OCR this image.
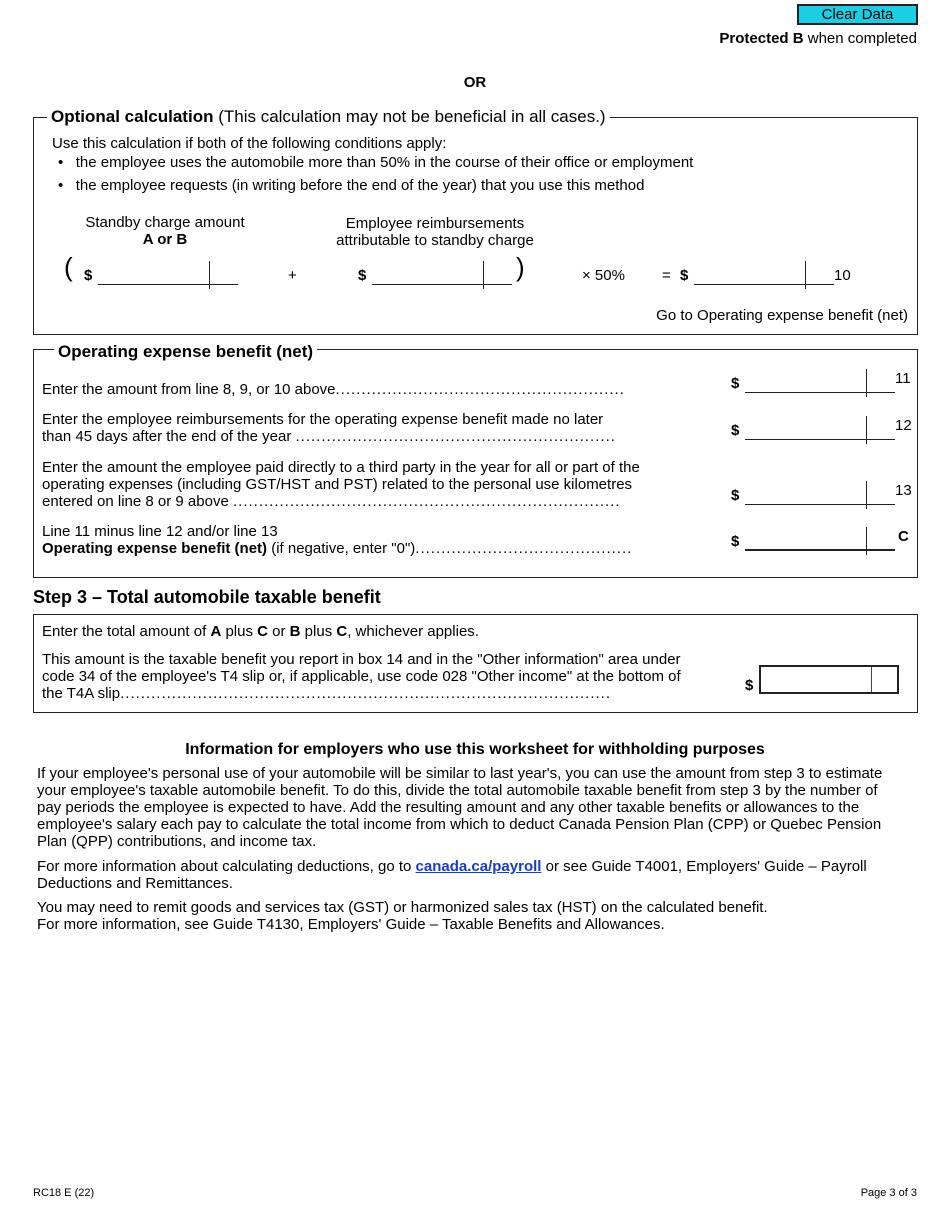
Clear Data
Protected B when completed
OR
Optional calculation (This calculation may not be beneficial in all cases.)
Use this calculation if both of the following conditions apply:
•   the employee uses the automobile more than 50% in the course of their office or employment
•   the employee requests (in writing before the end of the year) that you use this method
Standby charge amount
A or B
Employee reimbursements
attributable to standby charge
( $	+	$	)	× 50% = $	10
Go to Operating expense benefit (net)
Operating expense benefit (net)
Enter the amount from line 8, 9, or 10 above........................................................	$	11
Enter the employee reimbursements for the operating expense benefit made no later
than 45 days after the end of the year ..............................................................	$	12
Enter the amount the employee paid directly to a third party in the year for all or part of the
operating expenses (including GST/HST and PST) related to the personal use kilometres
entered on line 8 or 9 above ...........................................................................	$	13
Line 11 minus line 12 and/or line 13
Operating expense benefit (net) (if negative, enter "0")..........................................	$	C
Step 3 – Total automobile taxable benefit
Enter the total amount of A plus C or B plus C, whichever applies.
This amount is the taxable benefit you report in box 14 and in the "Other information" area under
code 34 of the employee's T4 slip or, if applicable, use code 028 "Other income" at the bottom of
the T4A slip...............................................................................................	$
Information for employers who use this worksheet for withholding purposes
If your employee's personal use of your automobile will be similar to last year's, you can use the amount from step 3 to estimate
your employee's taxable automobile benefit. To do this, divide the total automobile taxable benefit from step 3 by the number of
pay periods the employee is expected to have. Add the resulting amount and any other taxable benefits or allowances to the
employee's salary each pay to calculate the total income from which to deduct Canada Pension Plan (CPP) or Quebec Pension
Plan (QPP) contributions, and income tax.
For more information about calculating deductions, go to canada.ca/payroll or see Guide T4001, Employers' Guide – Payroll
Deductions and Remittances.
You may need to remit goods and services tax (GST) or harmonized sales tax (HST) on the calculated benefit.
For more information, see Guide T4130, Employers' Guide – Taxable Benefits and Allowances.
RC18 E (22)	Page 3 of 3
